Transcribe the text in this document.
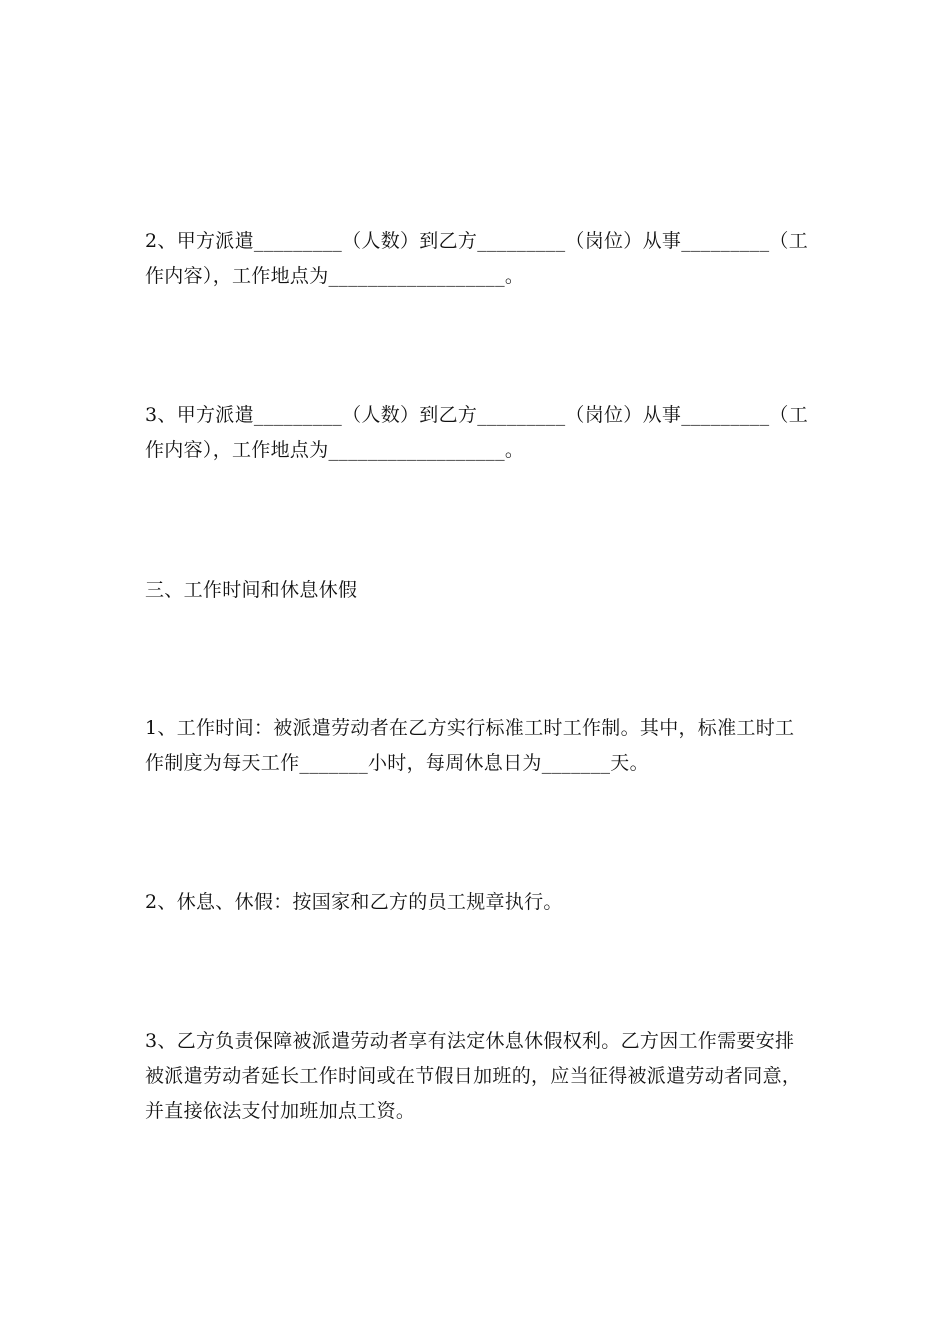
2、甲方派遣_________（人数）到乙方_________（岗位）从事_________（工作内容），工作地点为__________________。

3、甲方派遣_________（人数）到乙方_________（岗位）从事_________（工作内容），工作地点为__________________。

三、工作时间和休息休假

1、工作时间：被派遣劳动者在乙方实行标准工时工作制。其中，标准工时工作制度为每天工作_______小时，每周休息日为_______天。

2、休息、休假：按国家和乙方的员工规章执行。

3、乙方负责保障被派遣劳动者享有法定休息休假权利。乙方因工作需要安排被派遣劳动者延长工作时间或在节假日加班的，应当征得被派遣劳动者同意，并直接依法支付加班加点工资。
